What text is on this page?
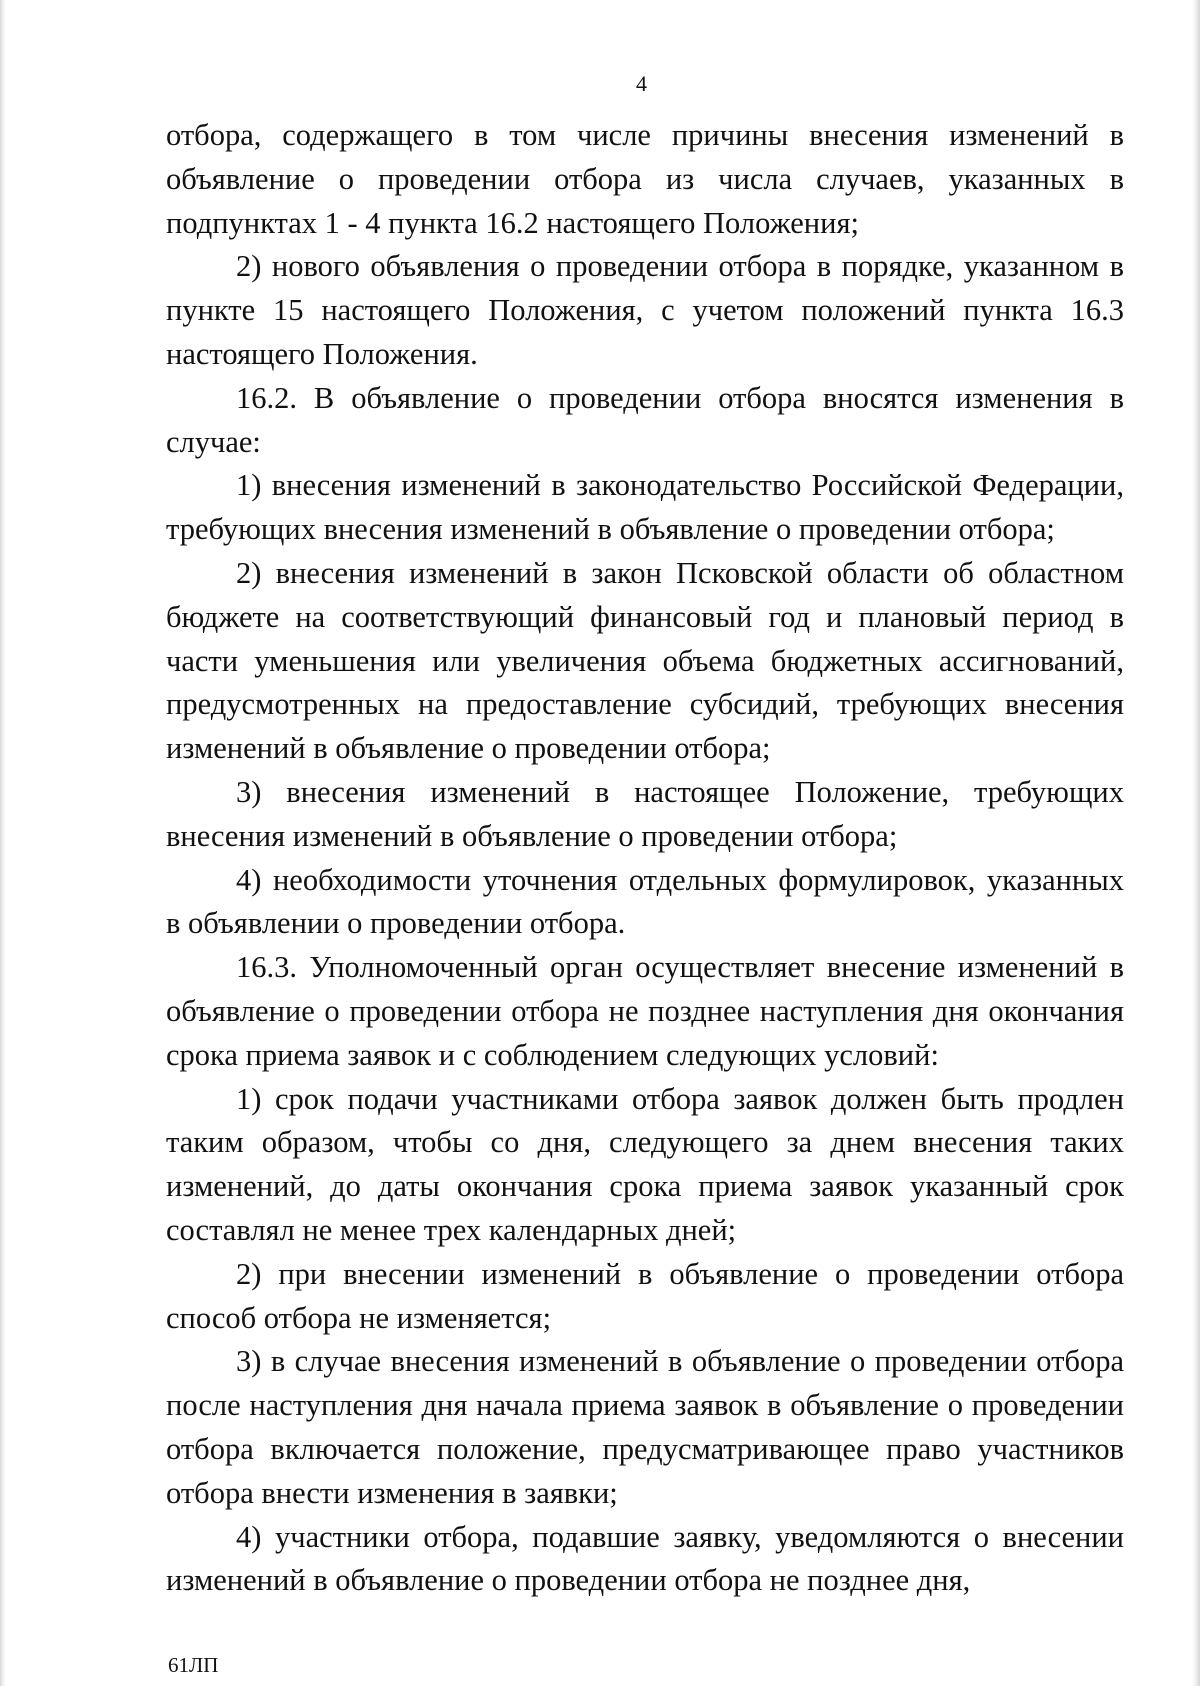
4

отбора, содержащего в том числе причины внесения изменений в объявление о проведении отбора из числа случаев, указанных в подпунктах 1 - 4 пункта 16.2 настоящего Положения;

2) нового объявления о проведении отбора в порядке, указанном в пункте 15 настоящего Положения, с учетом положений пункта 16.3 настоящего Положения.

16.2. В объявление о проведении отбора вносятся изменения в случае:

1) внесения изменений в законодательство Российской Федерации, требующих внесения изменений в объявление о проведении отбора;

2) внесения изменений в закон Псковской области об областном бюджете на соответствующий финансовый год и плановый период в части уменьшения или увеличения объема бюджетных ассигнований, предусмотренных на предоставление субсидий, требующих внесения изменений в объявление о проведении отбора;

3) внесения изменений в настоящее Положение, требующих внесения изменений в объявление о проведении отбора;

4) необходимости уточнения отдельных формулировок, указанных в объявлении о проведении отбора.

16.3. Уполномоченный орган осуществляет внесение изменений в объявление о проведении отбора не позднее наступления дня окончания срока приема заявок и с соблюдением следующих условий:

1) срок подачи участниками отбора заявок должен быть продлен таким образом, чтобы со дня, следующего за днем внесения таких изменений, до даты окончания срока приема заявок указанный срок составлял не менее трех календарных дней;

2) при внесении изменений в объявление о проведении отбора способ отбора не изменяется;

3) в случае внесения изменений в объявление о проведении отбора после наступления дня начала приема заявок в объявление о проведении отбора включается положение, предусматривающее право участников отбора внести изменения в заявки;

4) участники отбора, подавшие заявку, уведомляются о внесении изменений в объявление о проведении отбора не позднее дня,

61ЛП
